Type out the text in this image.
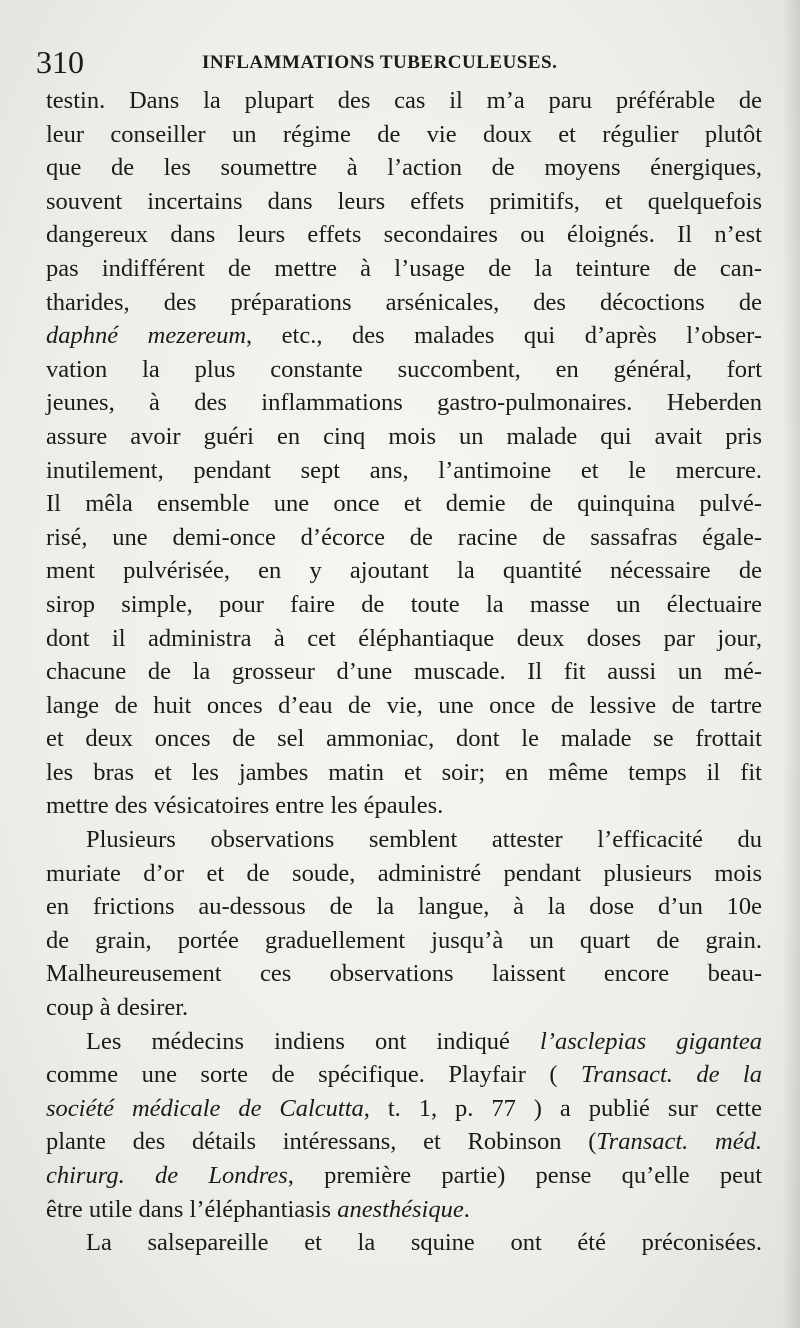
310	INFLAMMATIONS TUBERCULEUSES.
testin. Dans la plupart des cas il m’a paru préférable de
leur conseiller un régime de vie doux et régulier plutôt
que de les soumettre à l’action de moyens énergiques,
souvent incertains dans leurs effets primitifs, et quelquefois
dangereux dans leurs effets secondaires ou éloignés. Il n’est
pas indifférent de mettre à l’usage de la teinture de can-
tharides, des préparations arsénicales, des décoctions de
daphné mezereum, etc., des malades qui d’après l’obser-
vation la plus constante succombent, en général, fort
jeunes, à des inflammations gastro-pulmonaires. Heberden
assure avoir guéri en cinq mois un malade qui avait pris
inutilement, pendant sept ans, l’antimoine et le mercure.
Il mêla ensemble une once et demie de quinquina pulvé-
risé, une demi-once d’écorce de racine de sassafras égale-
ment pulvérisée, en y ajoutant la quantité nécessaire de
sirop simple, pour faire de toute la masse un électuaire
dont il administra à cet éléphantiaque deux doses par jour,
chacune de la grosseur d’une muscade. Il fit aussi un mé-
lange de huit onces d’eau de vie, une once de lessive de tartre
et deux onces de sel ammoniac, dont le malade se frottait
les bras et les jambes matin et soir; en même temps il fit
mettre des vésicatoires entre les épaules.
Plusieurs observations semblent attester l’efficacité du
muriate d’or et de soude, administré pendant plusieurs mois
en frictions au-dessous de la langue, à la dose d’un 10e
de grain, portée graduellement jusqu’à un quart de grain.
Malheureusement ces observations laissent encore beau-
coup à desirer.
Les médecins indiens ont indiqué l’asclepias gigantea
comme une sorte de spécifique. Playfair ( Transact. de la
société médicale de Calcutta, t. 1, p. 77 ) a publié sur cette
plante des détails intéressans, et Robinson (Transact. méd.
chirurg. de Londres, première partie) pense qu’elle peut
être utile dans l’éléphantiasis anesthésique.
La salsepareille et la squine ont été préconisées.
